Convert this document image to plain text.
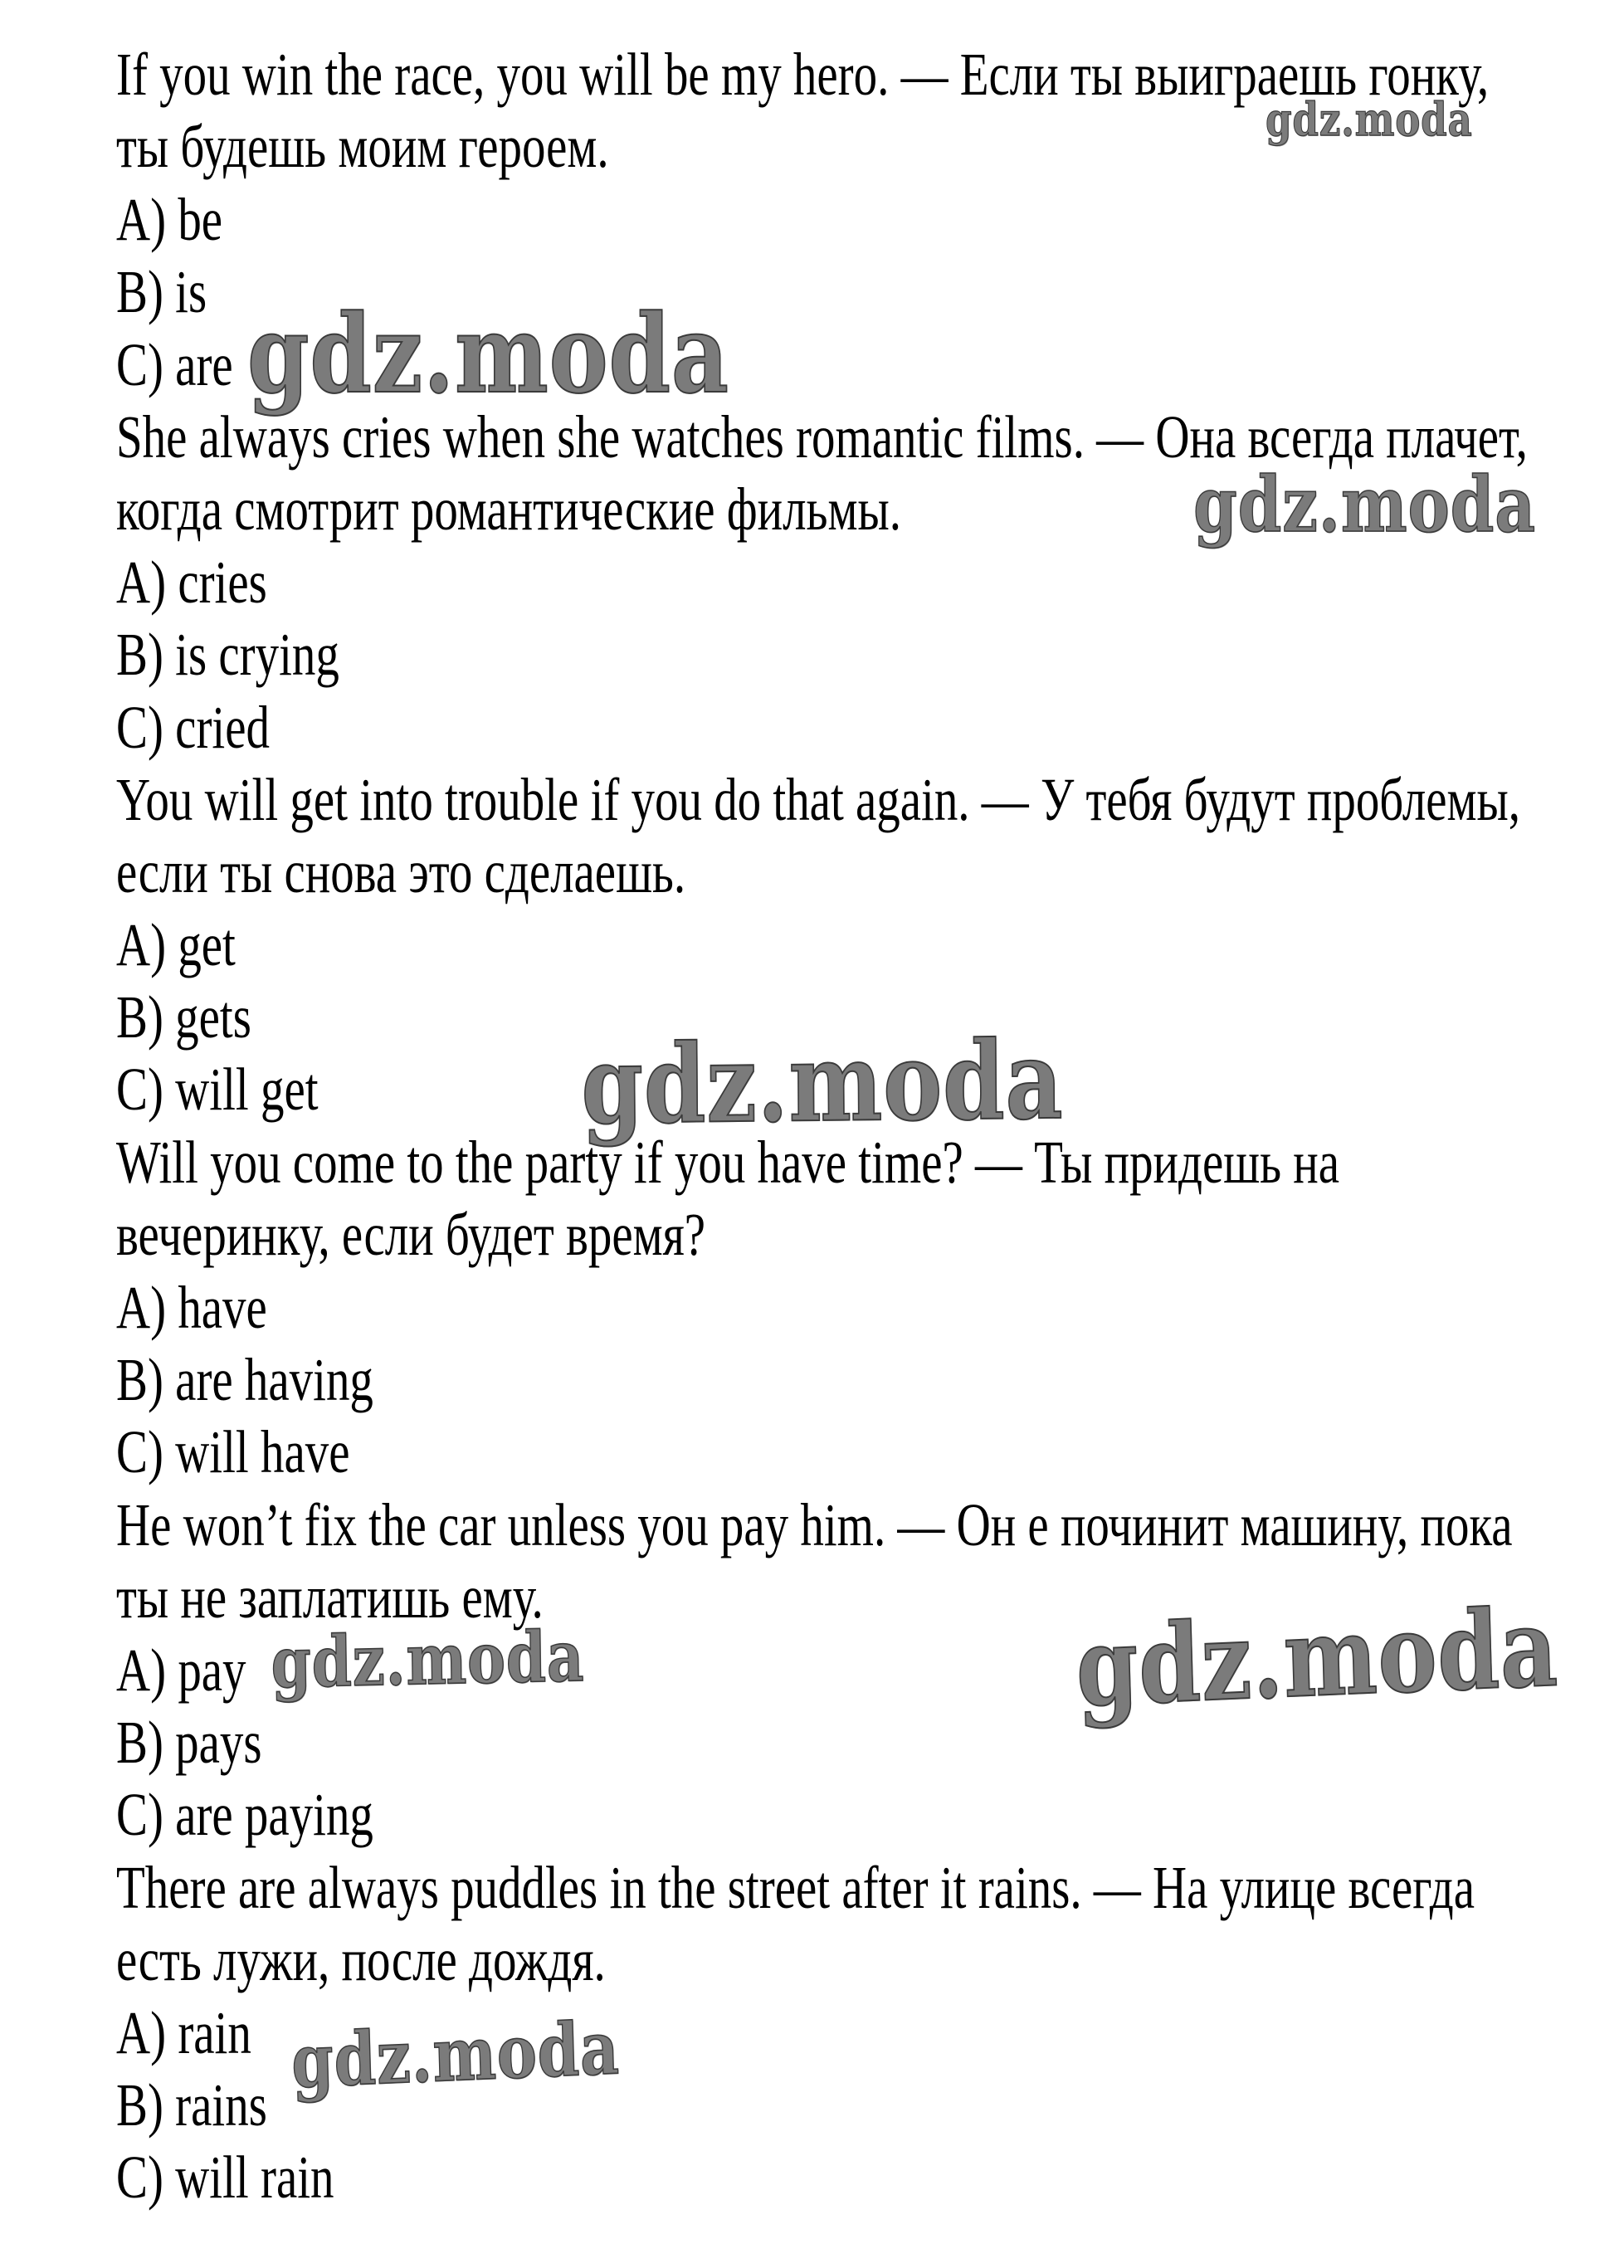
If you win the race, you will be my hero. — Если ты выиграешь гонку,
ты будешь моим героем.
A) be
B) is
C) are
She always cries when she watches romantic films. — Она всегда плачет,
когда смотрит романтические фильмы.
A) cries
B) is crying
C) cried
You will get into trouble if you do that again. — У тебя будут проблемы,
если ты снова это сделаешь.
A) get
B) gets
C) will get
Will you come to the party if you have time? — Ты придешь на
вечеринку, если будет время?
A) have
B) are having
C) will have
He won’t fix the car unless you pay him. — Он е починит машину, пока
ты не заплатишь ему.
A) pay
B) pays
C) are paying
There are always puddles in the street after it rains. — На улице всегда
есть лужи, после дождя.
A) rain
B) rains
C) will rain
gdz.moda
gdz.moda
gdz.moda
gdz.moda
gdz.moda	gdz.moda
gdz.moda
